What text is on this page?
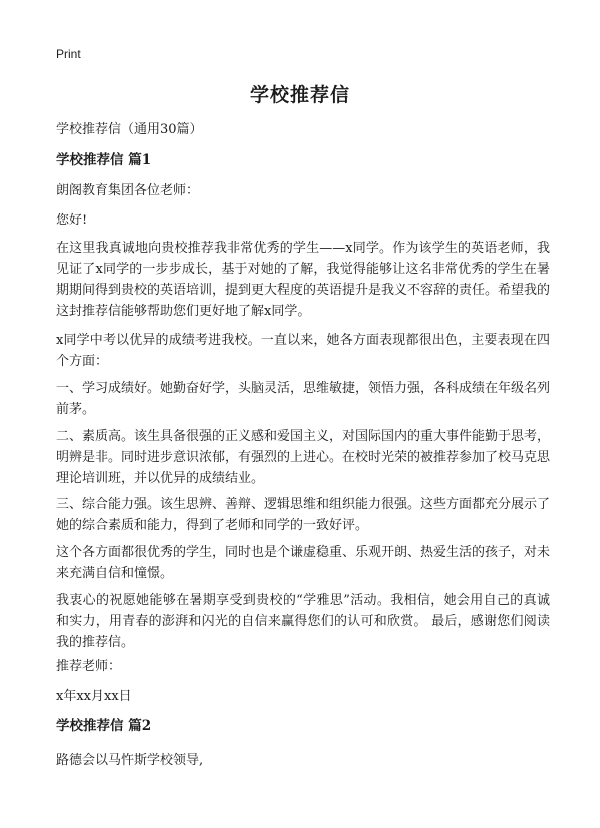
Print
学校推荐信

学校推荐信（通用30篇）

学校推荐信 篇1

朗阁教育集团各位老师：

您好!

在这里我真诚地向贵校推荐我非常优秀的学生——x同学。作为该学生的英语老师，我见证了x同学的一步步成长，基于对她的了解，我觉得能够让这名非常优秀的学生在暑期期间得到贵校的英语培训，提到更大程度的英语提升是我义不容辞的责任。希望我的这封推荐信能够帮助您们更好地了解x同学。

x同学中考以优异的成绩考进我校。一直以来，她各方面表现都很出色，主要表现在四个方面：

一、学习成绩好。她勤奋好学，头脑灵活，思维敏捷，领悟力强，各科成绩在年级名列前茅。

二、素质高。该生具备很强的正义感和爱国主义，对国际国内的重大事件能勤于思考，明辨是非。同时进步意识浓郁，有强烈的上进心。在校时光荣的被推荐参加了校马克思理论培训班，并以优异的成绩结业。

三、综合能力强。该生思辨、善辩、逻辑思维和组织能力很强。这些方面都充分展示了她的综合素质和能力，得到了老师和同学的一致好评。

这个各方面都很优秀的学生，同时也是个谦虚稳重、乐观开朗、热爱生活的孩子，对未来充满自信和憧憬。

我衷心的祝愿她能够在暑期享受到贵校的“学雅思”活动。我相信，她会用自己的真诚和实力，用青春的澎湃和闪光的自信来赢得您们的认可和欣赏。 最后，感谢您们阅读我的推荐信。

推荐老师：

x年xx月xx日

学校推荐信 篇2

路德会以马忤斯学校领导,
